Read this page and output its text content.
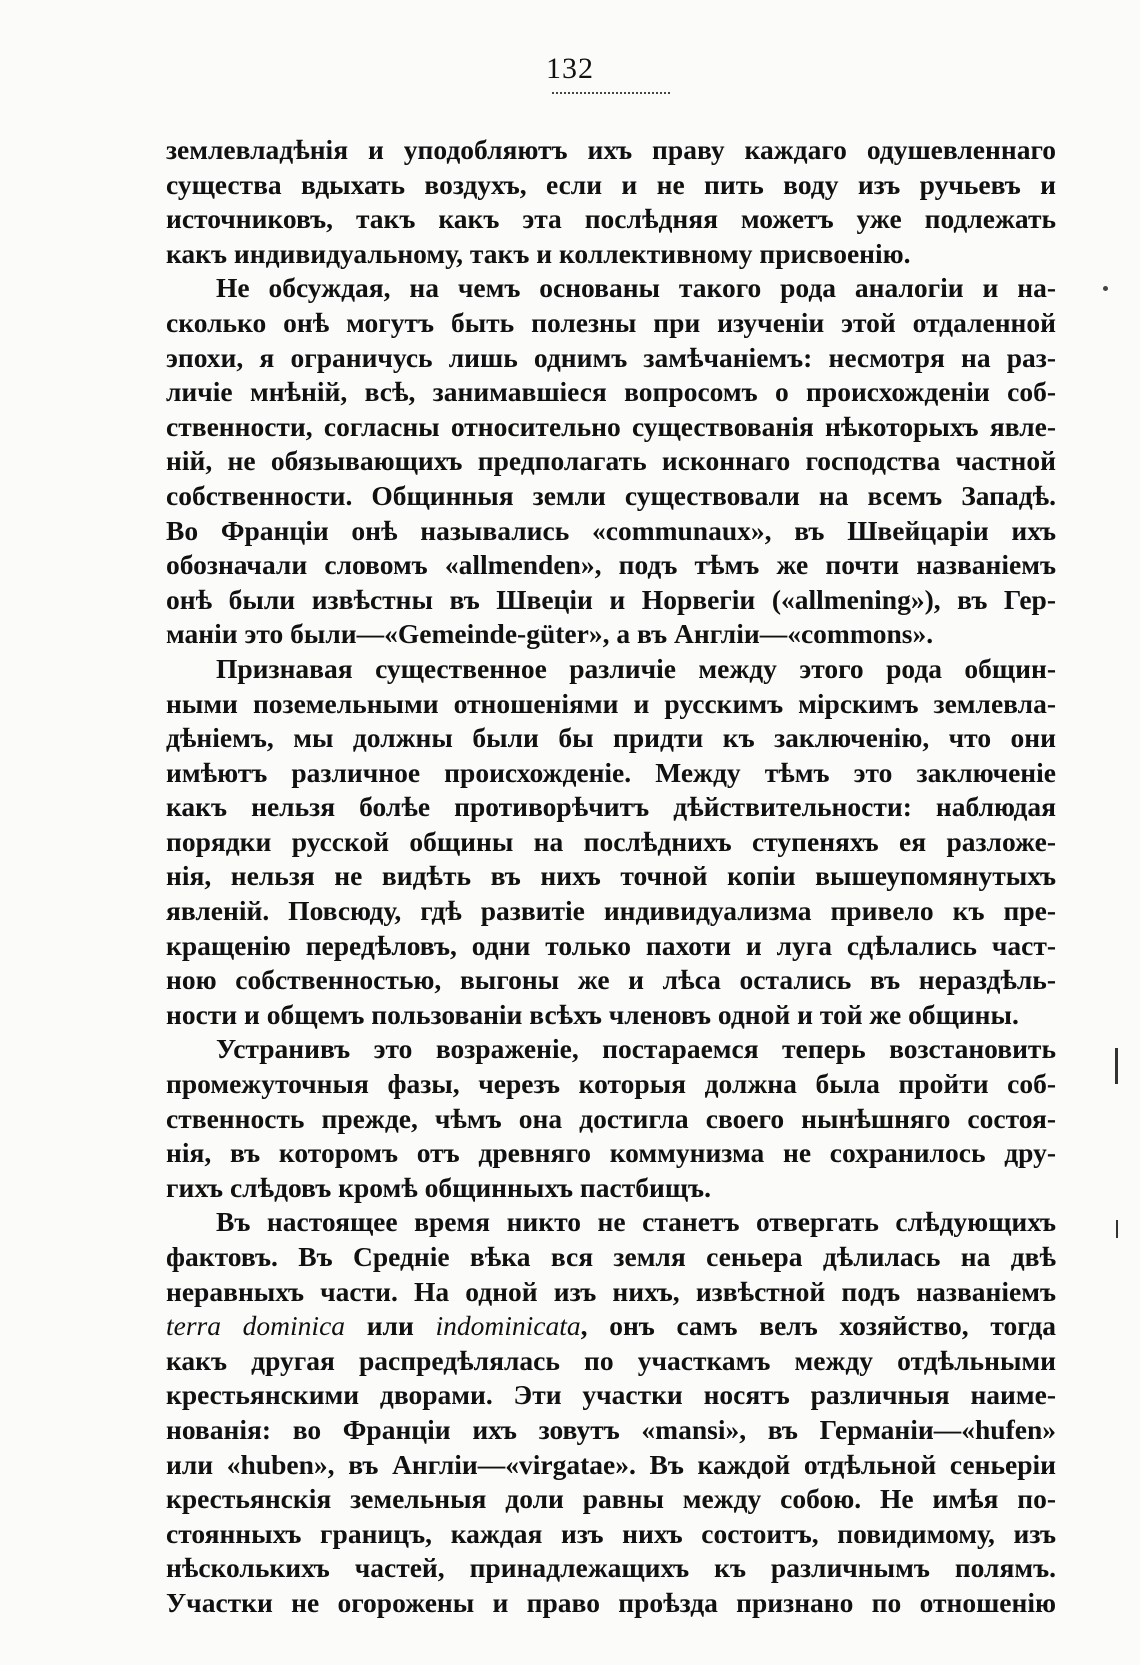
132
землевладѣнія и уподобляютъ ихъ праву каждаго одушевленнаго
существа вдыхать воздухъ, если и не пить воду изъ ручьевъ и
источниковъ, такъ какъ эта послѣдняя можетъ уже подлежать
какъ индивидуальному, такъ и коллективному присвоенію.
Не обсуждая, на чемъ основаны такого рода аналогіи и на-
сколько онѣ могутъ быть полезны при изученіи этой отдаленной
эпохи, я ограничусь лишь однимъ замѣчаніемъ: несмотря на раз-
личіе мнѣній, всѣ, занимавшіеся вопросомъ о происхожденіи соб-
ственности, согласны относительно существованія нѣкоторыхъ явле-
ній, не обязывающихъ предполагать исконнаго господства частной
собственности. Общинныя земли существовали на всемъ Западѣ.
Во Франціи онѣ назывались «communaux», въ Швейцаріи ихъ
обозначали словомъ «allmenden», подъ тѣмъ же почти названіемъ
онѣ были извѣстны въ Швеціи и Норвегіи («allmening»), въ Гер-
маніи это были—«Gemeinde-güter», а въ Англіи—«commons».
Признавая существенное различіе между этого рода общин-
ными поземельными отношеніями и русскимъ мірскимъ землевла-
дѣніемъ, мы должны были бы придти къ заключенію, что они
имѣютъ различное происхожденіе. Между тѣмъ это заключеніе
какъ нельзя болѣе противорѣчитъ дѣйствительности: наблюдая
порядки русской общины на послѣднихъ ступеняхъ ея разложе-
нія, нельзя не видѣть въ нихъ точной копіи вышеупомянутыхъ
явленій. Повсюду, гдѣ развитіе индивидуализма привело къ пре-
кращенію передѣловъ, одни только пахоти и луга сдѣлались част-
ною собственностью, выгоны же и лѣса остались въ нераздѣль-
ности и общемъ пользованіи всѣхъ членовъ одной и той же общины.
Устранивъ это возраженіе, постараемся теперь возстановить
промежуточныя фазы, черезъ которыя должна была пройти соб-
ственность прежде, чѣмъ она достигла своего нынѣшняго состоя-
нія, въ которомъ отъ древняго коммунизма не сохранилось дру-
гихъ слѣдовъ кромѣ общинныхъ пастбищъ.
Въ настоящее время никто не станетъ отвергать слѣдующихъ
фактовъ. Въ Средніе вѣка вся земля сеньера дѣлилась на двѣ
неравныхъ части. На одной изъ нихъ, извѣстной подъ названіемъ
terra dominica или indominicata, онъ самъ велъ хозяйство, тогда
какъ другая распредѣлялась по участкамъ между отдѣльными
крестьянскими дворами. Эти участки носятъ различныя наиме-
нованія: во Франціи ихъ зовутъ «mansi», въ Германіи—«hufen»
или «huben», въ Англіи—«virgatae». Въ каждой отдѣльной сеньеріи
крестьянскія земельныя доли равны между собою. Не имѣя по-
стоянныхъ границъ, каждая изъ нихъ состоитъ, повидимому, изъ
нѣсколькихъ частей, принадлежащихъ къ различнымъ полямъ.
Участки не огорожены и право проѣзда признано по отношенію
